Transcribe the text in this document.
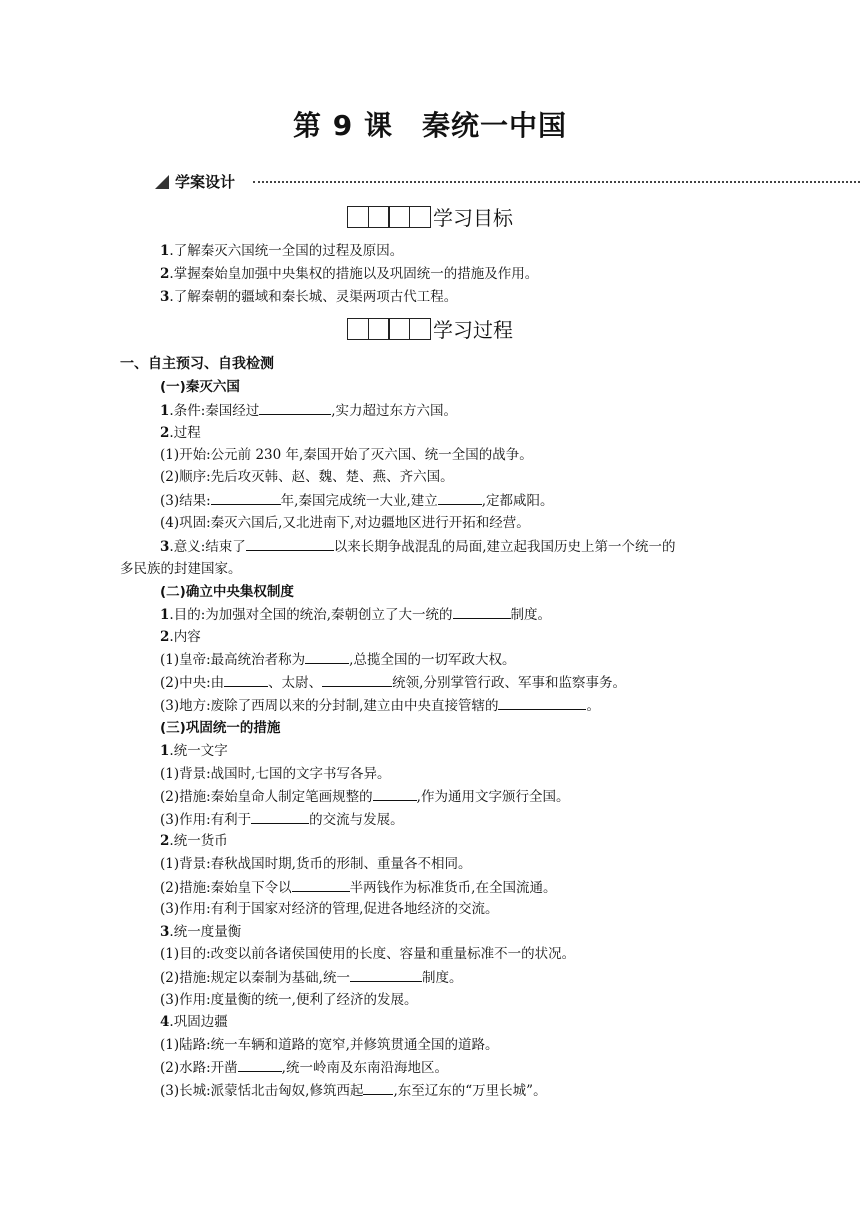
第 9 课　秦统一中国
学案设计
学习目标
1.了解秦灭六国统一全国的过程及原因。
2.掌握秦始皇加强中央集权的措施以及巩固统一的措施及作用。
3.了解秦朝的疆域和秦长城、灵渠两项古代工程。
学习过程
一、自主预习、自我检测
(一)秦灭六国
1.条件:秦国经过	,实力超过东方六国。
2.过程
(1)开始:公元前 230 年,秦国开始了灭六国、统一全国的战争。
(2)顺序:先后攻灭韩、赵、魏、楚、燕、齐六国。
(3)结果:	年,秦国完成统一大业,建立	,定都咸阳。
(4)巩固:秦灭六国后,又北进南下,对边疆地区进行开拓和经营。
3.意义:结束了	以来长期争战混乱的局面,建立起我国历史上第一个统一的
多民族的封建国家。
(二)确立中央集权制度
1.目的:为加强对全国的统治,秦朝创立了大一统的	制度。
2.内容
(1)皇帝:最高统治者称为	,总揽全国的一切军政大权。
(2)中央:由	、太尉、	统领,分别掌管行政、军事和监察事务。
(3)地方:废除了西周以来的分封制,建立由中央直接管辖的	。
(三)巩固统一的措施
1.统一文字
(1)背景:战国时,七国的文字书写各异。
(2)措施:秦始皇命人制定笔画规整的	,作为通用文字颁行全国。
(3)作用:有利于	的交流与发展。
2.统一货币
(1)背景:春秋战国时期,货币的形制、重量各不相同。
(2)措施:秦始皇下令以	半两钱作为标准货币,在全国流通。
(3)作用:有利于国家对经济的管理,促进各地经济的交流。
3.统一度量衡
(1)目的:改变以前各诸侯国使用的长度、容量和重量标准不一的状况。
(2)措施:规定以秦制为基础,统一	制度。
(3)作用:度量衡的统一,便利了经济的发展。
4.巩固边疆
(1)陆路:统一车辆和道路的宽窄,并修筑贯通全国的道路。
(2)水路:开凿	,统一岭南及东南沿海地区。
(3)长城:派蒙恬北击匈奴,修筑西起 ,东至辽东的“万里长城”。
